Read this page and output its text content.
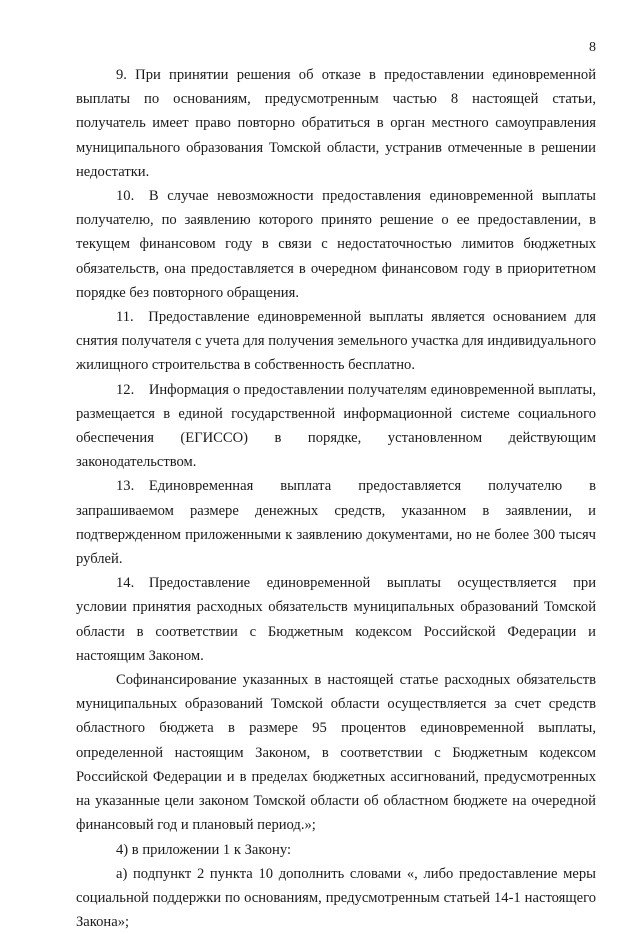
8

9. При принятии решения об отказе в предоставлении единовременной выплаты по основаниям, предусмотренным частью 8 настоящей статьи, получатель имеет право повторно обратиться в орган местного самоуправления муниципального образования Томской области, устранив отмеченные в решении недостатки.

10. В случае невозможности предоставления единовременной выплаты получателю, по заявлению которого принято решение о ее предоставлении, в текущем финансовом году в связи с недостаточностью лимитов бюджетных обязательств, она предоставляется в очередном финансовом году в приоритетном порядке без повторного обращения.

11. Предоставление единовременной выплаты является основанием для снятия получателя с учета для получения земельного участка для индивидуального жилищного строительства в собственность бесплатно.

12. Информация о предоставлении получателям единовременной выплаты, размещается в единой государственной информационной системе социального обеспечения (ЕГИССО) в порядке, установленном действующим законодательством.

13. Единовременная выплата предоставляется получателю в запрашиваемом размере денежных средств, указанном в заявлении, и подтвержденном приложенными к заявлению документами, но не более 300 тысяч рублей.

14. Предоставление единовременной выплаты осуществляется при условии принятия расходных обязательств муниципальных образований Томской области в соответствии с Бюджетным кодексом Российской Федерации и настоящим Законом.

Софинансирование указанных в настоящей статье расходных обязательств муниципальных образований Томской области осуществляется за счет средств областного бюджета в размере 95 процентов единовременной выплаты, определенной настоящим Законом, в соответствии с Бюджетным кодексом Российской Федерации и в пределах бюджетных ассигнований, предусмотренных на указанные цели законом Томской области об областном бюджете на очередной финансовый год и плановый период.»;

4) в приложении 1 к Закону:

а) подпункт 2 пункта 10 дополнить словами «, либо предоставление меры социальной поддержки по основаниям, предусмотренным статьей 14-1 настоящего Закона»;
